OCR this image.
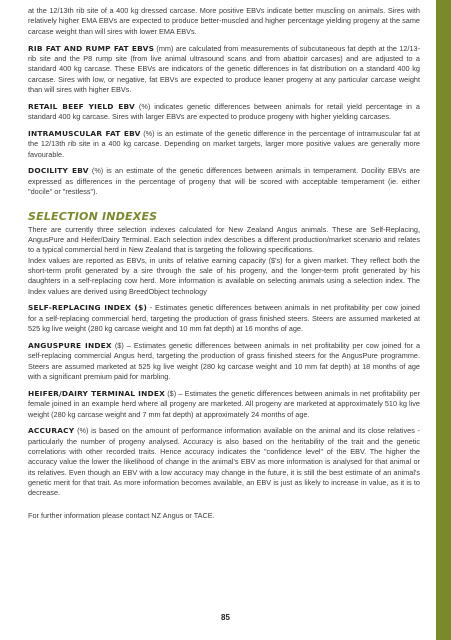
at the 12/13th rib site of a 400 kg dressed carcase. More positive EBVs indicate better muscling on animals. Sires with relatively higher EMA EBVs are expected to produce better-muscled and higher percentage yielding progeny at the same carcase weight than will sires with lower EMA EBVs.

RIB FAT AND RUMP FAT EBVS (mm) are calculated from measurements of subcutaneous fat depth at the 12/13-rib site and the P8 rump site (from live animal ultrasound scans and from abattoir carcases) and are adjusted to a standard 400 kg carcase. These EBVs are indicators of the genetic differences in fat distribution on a standard 400 kg carcase. Sires with low, or negative, fat EBVs are expected to produce leaner progeny at any particular carcase weight than will sires with higher EBVs.

RETAIL BEEF YIELD EBV (%) indicates genetic differences between animals for retail yield percentage in a standard 400 kg carcase. Sires with larger EBVs are expected to produce progeny with higher yielding carcases.

INTRAMUSCULAR FAT EBV (%) is an estimate of the genetic difference in the percentage of intramuscular fat at the 12/13th rib site in a 400 kg carcase. Depending on market targets, larger more positive values are generally more favourable.

DOCILITY EBV (%) is an estimate of the genetic differences between animals in temperament. Docility EBVs are expressed as differences in the percentage of progeny that will be scored with acceptable temperament (ie. either "docile" or "restless").

SELECTION INDEXES

There are currently three selection indexes calculated for New Zealand Angus animals. These are Self-Replacing, AngusPure and Heifer/Dairy Terminal. Each selection index describes a different production/market scenario and relates to a typical commercial herd in New Zealand that is targeting the following specifications.
Index values are reported as EBVs, in units of relative earning capacity ($'s) for a given market. They reflect both the short-term profit generated by a sire through the sale of his progeny, and the longer-term profit generated by his daughters in a self-replacing cow herd. More information is available on selecting animals using a selection index. The Index values are derived using BreedObject technology

SELF-REPLACING INDEX ($) - Estimates genetic differences between animals in net profitability per cow joined for a self-replacing commercial herd, targeting the production of grass finished steers. Steers are assumed marketed at 525 kg live weight (280 kg carcase weight and 10 mm fat depth) at 16 months of age.

ANGUSPURE INDEX ($) – Estimates genetic differences between animals in net profitability per cow joined for a self-replacing commercial Angus herd, targeting the production of grass finished steers for the AngusPure programme. Steers are assumed marketed at 525 kg live weight (280 kg carcase weight and 10 mm fat depth) at 18 months of age with a significant premium paid for marbling.

HEIFER/DAIRY TERMINAL INDEX ($) – Estimates the genetic differences between animals in net profitability per female joined in an example herd where all progeny are marketed. All progeny are marketed at approximately 510 kg live weight (280 kg carcase weight and 7 mm fat depth) at approximately 24 months of age.

ACCURACY (%) is based on the amount of performance information available on the animal and its close relatives - particularly the number of progeny analysed. Accuracy is also based on the heritability of the trait and the genetic correlations with other recorded traits. Hence accuracy indicates the "confidence level" of the EBV. The higher the accuracy value the lower the likelihood of change in the animal's EBV as more information is analysed for that animal or its relatives. Even though an EBV with a low accuracy may change in the future, it is still the best estimate of an animal's genetic merit for that trait. As more information becomes available, an EBV is just as likely to increase in value, as it is to decrease.

For further information please contact NZ Angus or TACE.

85
